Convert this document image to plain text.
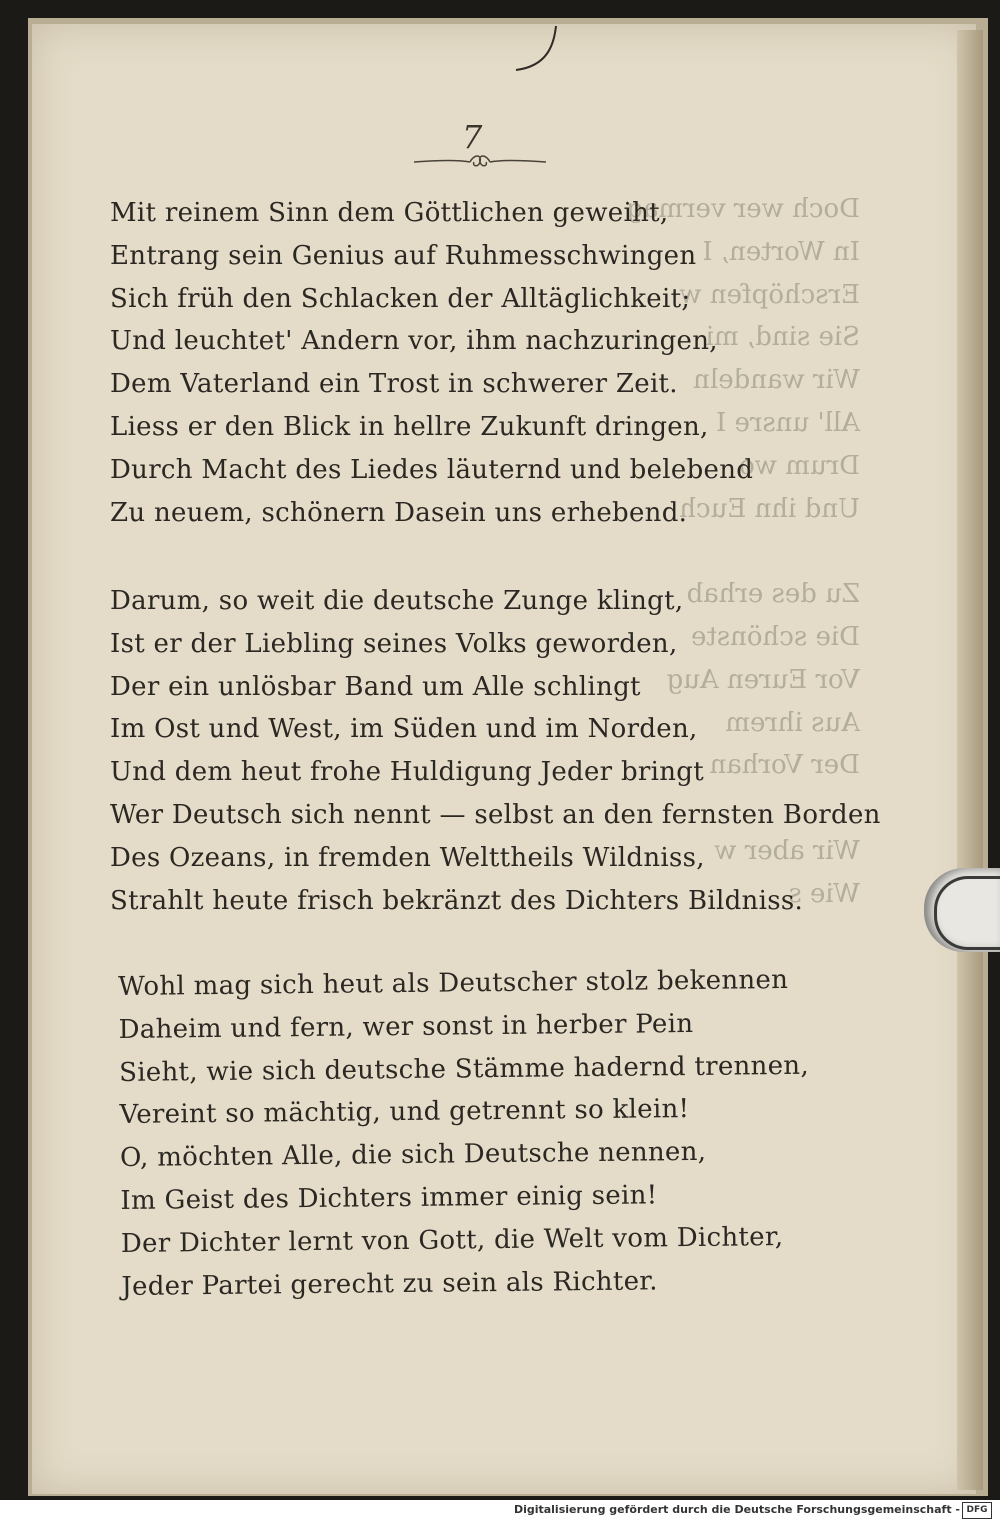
7
Doch wer vermag
In Worten, I
Erschöpfen w
Sie sind, mi
Wir wandeln
All' unsre I
Drum wo
Und ihn Euch

Zu des erhab
Die schönste
Vor Euren Aug
Aus ihrem
Der Vorhan

Wir aber w
Wie s
Mit reinem Sinn dem Göttlichen geweiht,
Entrang sein Genius auf Ruhmesschwingen
Sich früh den Schlacken der Alltäglichkeit;
Und leuchtet' Andern vor, ihm nachzuringen,
Dem Vaterland ein Trost in schwerer Zeit.
Liess er den Blick in hellre Zukunft dringen,
Durch Macht des Liedes läuternd und belebend
Zu neuem, schönern Dasein uns erhebend.
Darum, so weit die deutsche Zunge klingt,
Ist er der Liebling seines Volks geworden,
Der ein unlösbar Band um Alle schlingt
Im Ost und West, im Süden und im Norden,
Und dem heut frohe Huldigung Jeder bringt
Wer Deutsch sich nennt — selbst an den fernsten Borden
Des Ozeans, in fremden Welttheils Wildniss,
Strahlt heute frisch bekränzt des Dichters Bildniss.
Wohl mag sich heut als Deutscher stolz bekennen
Daheim und fern, wer sonst in herber Pein
Sieht, wie sich deutsche Stämme hadernd trennen,
Vereint so mächtig, und getrennt so klein!
O, möchten Alle, die sich Deutsche nennen,
Im Geist des Dichters immer einig sein!
Der Dichter lernt von Gott, die Welt vom Dichter,
Jeder Partei gerecht zu sein als Richter.
Digitalisierung gefördert durch die Deutsche Forschungsgemeinschaft - DFG
